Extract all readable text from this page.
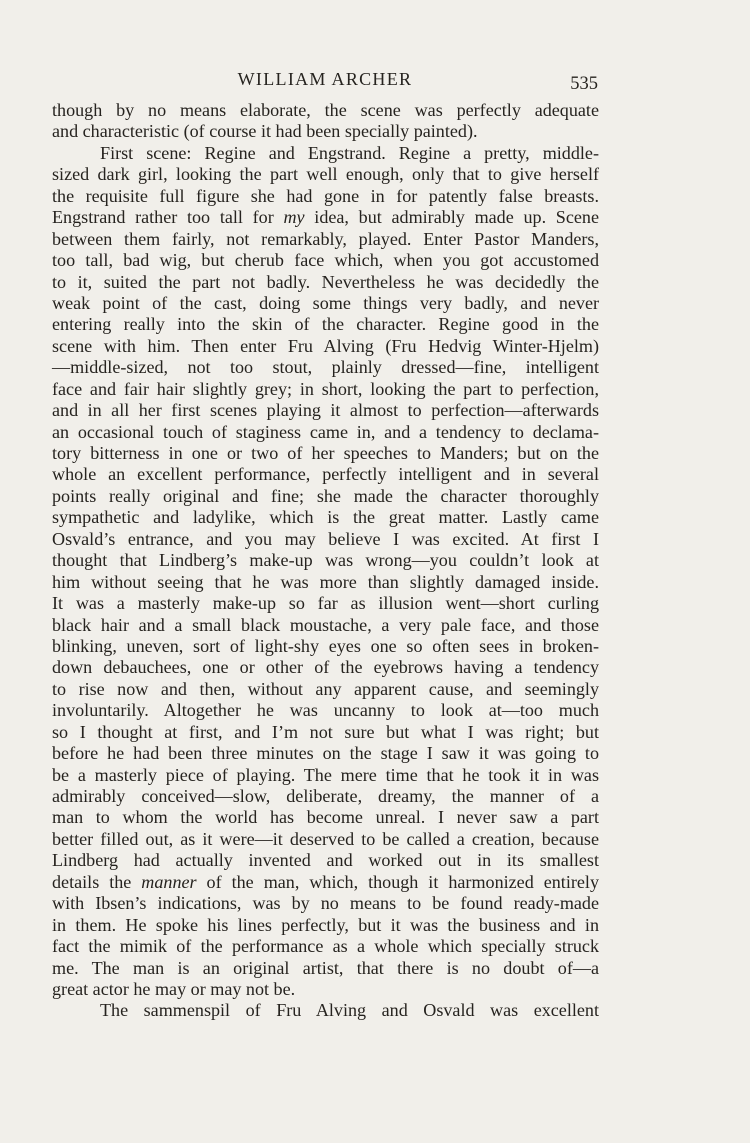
WILLIAM ARCHER	535
though by no means elaborate, the scene was perfectly adequate
and characteristic (of course it had been specially painted).
First scene: Regine and Engstrand. Regine a pretty, middle-
sized dark girl, looking the part well enough, only that to give herself
the requisite full figure she had gone in for patently false breasts.
Engstrand rather too tall for my idea, but admirably made up. Scene
between them fairly, not remarkably, played. Enter Pastor Manders,
too tall, bad wig, but cherub face which, when you got accustomed
to it, suited the part not badly. Nevertheless he was decidedly the
weak point of the cast, doing some things very badly, and never
entering really into the skin of the character. Regine good in the
scene with him. Then enter Fru Alving (Fru Hedvig Winter-Hjelm)
—middle-sized, not too stout, plainly dressed—fine, intelligent
face and fair hair slightly grey; in short, looking the part to perfection,
and in all her first scenes playing it almost to perfection—afterwards
an occasional touch of staginess came in, and a tendency to declama-
tory bitterness in one or two of her speeches to Manders; but on the
whole an excellent performance, perfectly intelligent and in several
points really original and fine; she made the character thoroughly
sympathetic and ladylike, which is the great matter. Lastly came
Osvald’s entrance, and you may believe I was excited. At first I
thought that Lindberg’s make-up was wrong—you couldn’t look at
him without seeing that he was more than slightly damaged inside.
It was a masterly make-up so far as illusion went—short curling
black hair and a small black moustache, a very pale face, and those
blinking, uneven, sort of light-shy eyes one so often sees in broken-
down debauchees, one or other of the eyebrows having a tendency
to rise now and then, without any apparent cause, and seemingly
involuntarily. Altogether he was uncanny to look at—too much
so I thought at first, and I’m not sure but what I was right; but
before he had been three minutes on the stage I saw it was going to
be a masterly piece of playing. The mere time that he took it in was
admirably conceived—slow, deliberate, dreamy, the manner of a
man to whom the world has become unreal. I never saw a part
better filled out, as it were—it deserved to be called a creation, because
Lindberg had actually invented and worked out in its smallest
details the manner of the man, which, though it harmonized entirely
with Ibsen’s indications, was by no means to be found ready-made
in them. He spoke his lines perfectly, but it was the business and in
fact the mimik of the performance as a whole which specially struck
me. The man is an original artist, that there is no doubt of—a
great actor he may or may not be.
The sammenspil of Fru Alving and Osvald was excellent
